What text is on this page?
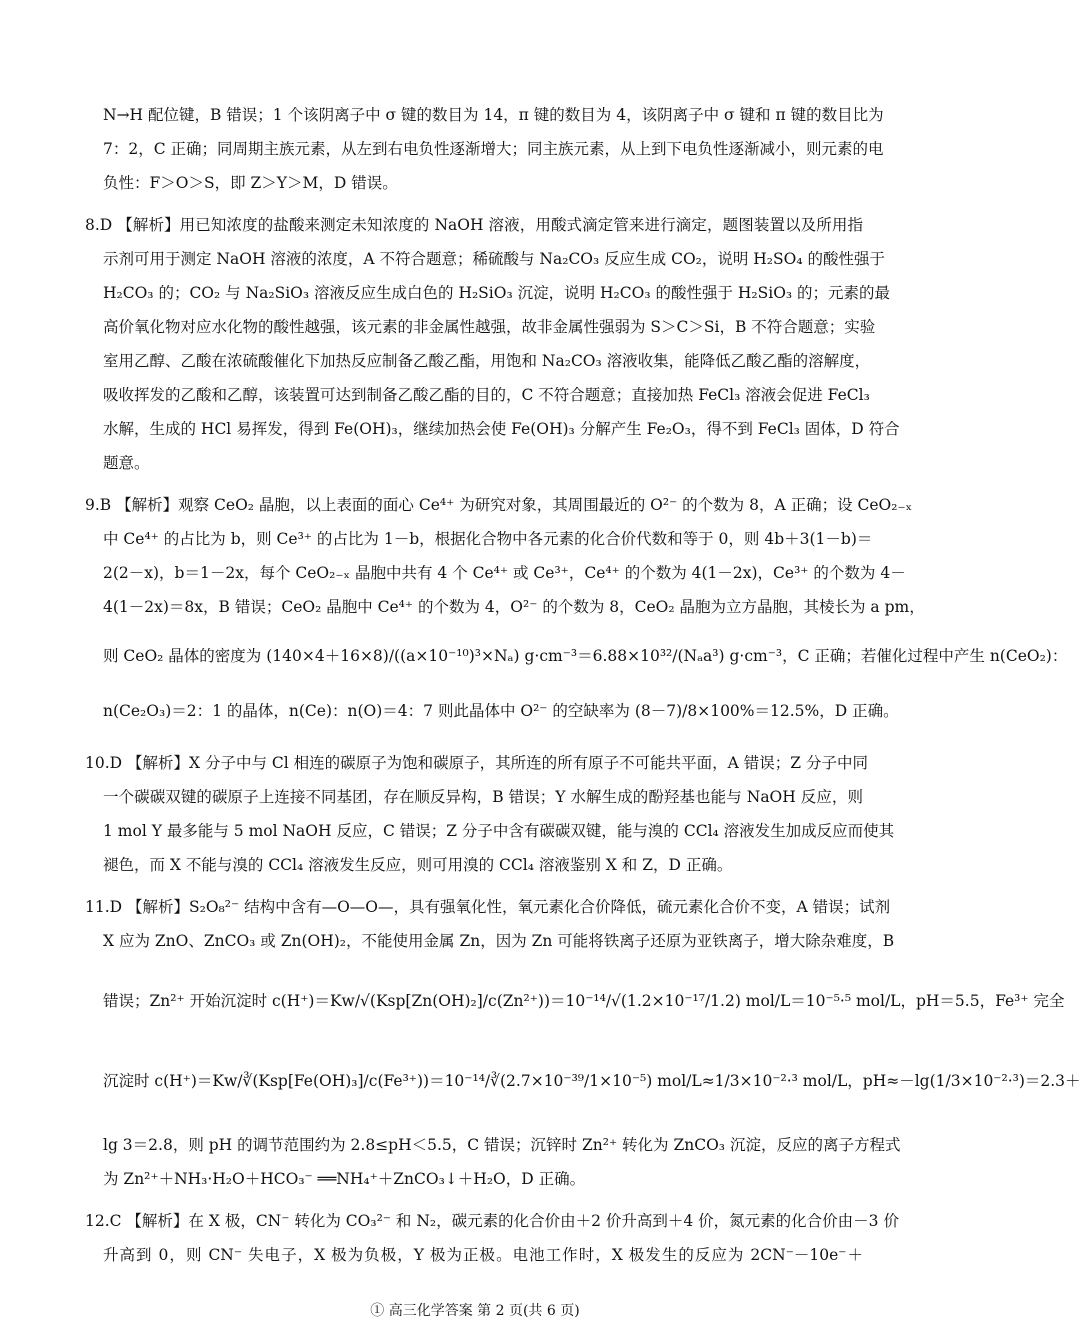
N→H 配位键，B 错误；1 个该阴离子中 σ 键的数目为 14，π 键的数目为 4，该阴离子中 σ 键和 π 键的数目比为
7：2，C 正确；同周期主族元素，从左到右电负性逐渐增大；同主族元素，从上到下电负性逐渐减小，则元素的电
负性：F＞O＞S，即 Z＞Y＞M，D 错误。
8.D 【解析】用已知浓度的盐酸来测定未知浓度的 NaOH 溶液，用酸式滴定管来进行滴定，题图装置以及所用指
示剂可用于测定 NaOH 溶液的浓度，A 不符合题意；稀硫酸与 Na₂CO₃ 反应生成 CO₂，说明 H₂SO₄ 的酸性强于
H₂CO₃ 的；CO₂ 与 Na₂SiO₃ 溶液反应生成白色的 H₂SiO₃ 沉淀，说明 H₂CO₃ 的酸性强于 H₂SiO₃ 的；元素的最
高价氧化物对应水化物的酸性越强，该元素的非金属性越强，故非金属性强弱为 S＞C＞Si，B 不符合题意；实验
室用乙醇、乙酸在浓硫酸催化下加热反应制备乙酸乙酯，用饱和 Na₂CO₃ 溶液收集，能降低乙酸乙酯的溶解度，
吸收挥发的乙酸和乙醇，该装置可达到制备乙酸乙酯的目的，C 不符合题意；直接加热 FeCl₃ 溶液会促进 FeCl₃
水解，生成的 HCl 易挥发，得到 Fe(OH)₃，继续加热会使 Fe(OH)₃ 分解产生 Fe₂O₃，得不到 FeCl₃ 固体，D 符合
题意。
9.B 【解析】观察 CeO₂ 晶胞，以上表面的面心 Ce⁴⁺ 为研究对象，其周围最近的 O²⁻ 的个数为 8，A 正确；设 CeO₂₋ₓ
中 Ce⁴⁺ 的占比为 b，则 Ce³⁺ 的占比为 1－b，根据化合物中各元素的化合价代数和等于 0，则 4b＋3(1－b)＝
2(2－x)，b＝1－2x，每个 CeO₂₋ₓ 晶胞中共有 4 个 Ce⁴⁺ 或 Ce³⁺，Ce⁴⁺ 的个数为 4(1－2x)，Ce³⁺ 的个数为 4－
4(1－2x)＝8x，B 错误；CeO₂ 晶胞中 Ce⁴⁺ 的个数为 4，O²⁻ 的个数为 8，CeO₂ 晶胞为立方晶胞，其棱长为 a pm，
则 CeO₂ 晶体的密度为 (140×4＋16×8)/((a×10⁻¹⁰)³×Nₐ) g·cm⁻³＝6.88×10³²/(Nₐa³) g·cm⁻³，C 正确；若催化过程中产生 n(CeO₂)：
n(Ce₂O₃)＝2：1 的晶体，n(Ce)：n(O)＝4：7 则此晶体中 O²⁻ 的空缺率为 (8－7)/8×100%＝12.5%，D 正确。
10.D 【解析】X 分子中与 Cl 相连的碳原子为饱和碳原子，其所连的所有原子不可能共平面，A 错误；Z 分子中同
一个碳碳双键的碳原子上连接不同基团，存在顺反异构，B 错误；Y 水解生成的酚羟基也能与 NaOH 反应，则
1 mol Y 最多能与 5 mol NaOH 反应，C 错误；Z 分子中含有碳碳双键，能与溴的 CCl₄ 溶液发生加成反应而使其
褪色，而 X 不能与溴的 CCl₄ 溶液发生反应，则可用溴的 CCl₄ 溶液鉴别 X 和 Z，D 正确。
11.D 【解析】S₂O₈²⁻ 结构中含有—O—O—，具有强氧化性，氧元素化合价降低，硫元素化合价不变，A 错误；试剂
X 应为 ZnO、ZnCO₃ 或 Zn(OH)₂，不能使用金属 Zn，因为 Zn 可能将铁离子还原为亚铁离子，增大除杂难度，B
错误；Zn²⁺ 开始沉淀时 c(H⁺)＝Kw/√(Ksp[Zn(OH)₂]/c(Zn²⁺))＝10⁻¹⁴/√(1.2×10⁻¹⁷/1.2) mol/L＝10⁻⁵·⁵ mol/L，pH＝5.5，Fe³⁺ 完全
沉淀时 c(H⁺)＝Kw/∛(Ksp[Fe(OH)₃]/c(Fe³⁺))＝10⁻¹⁴/∛(2.7×10⁻³⁹/1×10⁻⁵) mol/L≈1/3×10⁻²·³ mol/L，pH≈－lg(1/3×10⁻²·³)＝2.3＋
lg 3＝2.8，则 pH 的调节范围约为 2.8≤pH＜5.5，C 错误；沉锌时 Zn²⁺ 转化为 ZnCO₃ 沉淀，反应的离子方程式
为 Zn²⁺＋NH₃·H₂O＋HCO₃⁻ ══NH₄⁺＋ZnCO₃↓＋H₂O，D 正确。
12.C 【解析】在 X 极，CN⁻ 转化为 CO₃²⁻ 和 N₂，碳元素的化合价由＋2 价升高到＋4 价，氮元素的化合价由－3 价
升高到 0，则 CN⁻ 失电子，X 极为负极，Y 极为正极。电池工作时，X 极发生的反应为 2CN⁻－10e⁻＋
① 高三化学答案 第 2 页(共 6 页)
